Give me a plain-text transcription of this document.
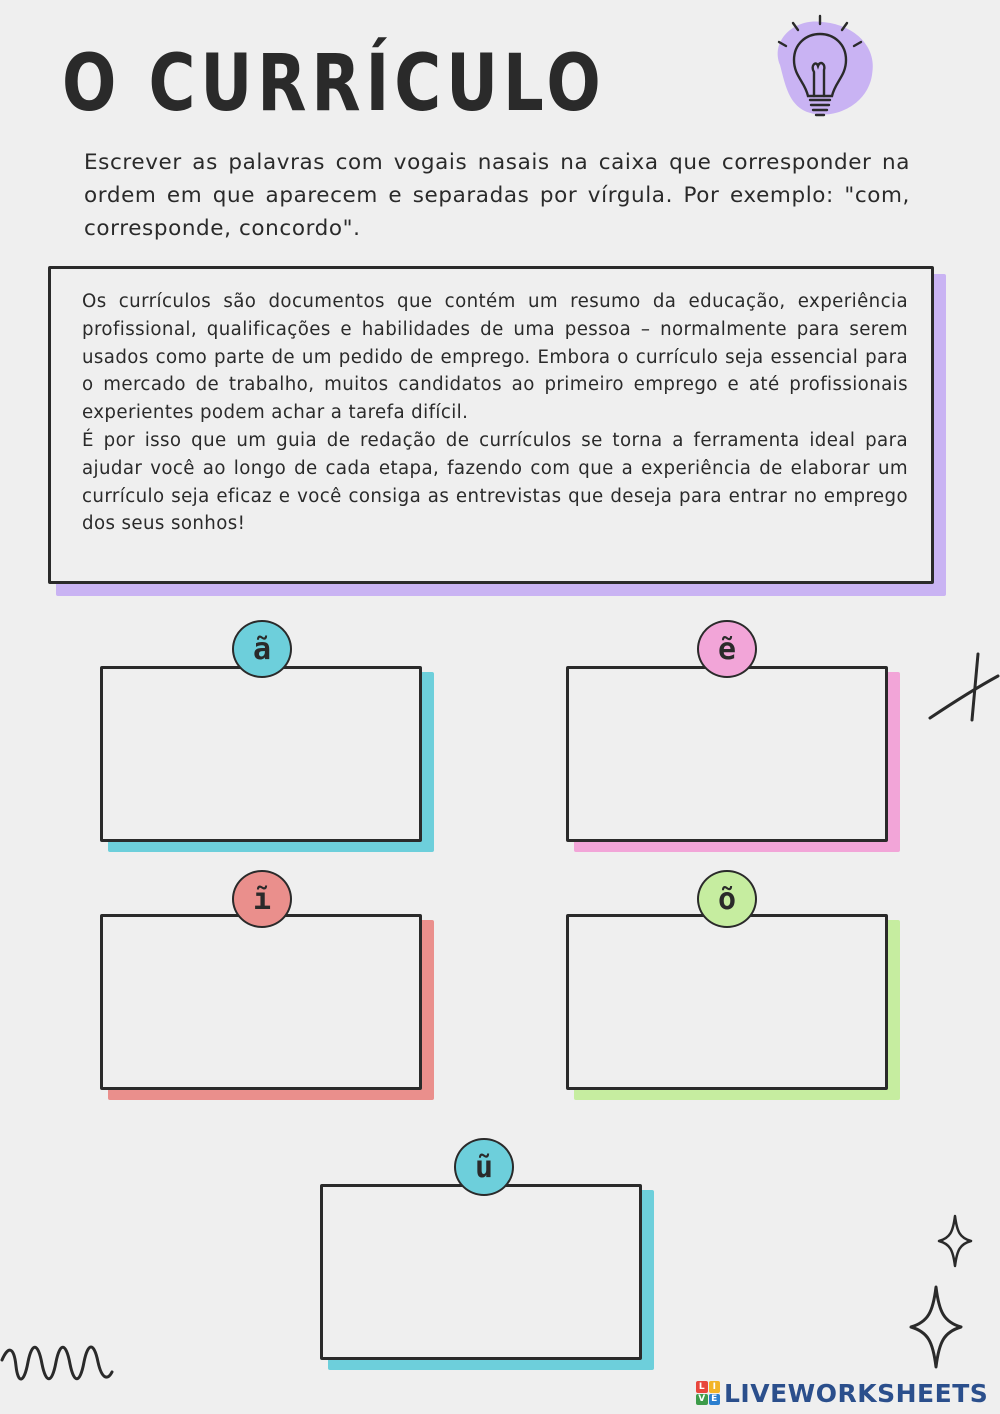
O CURRÍCULO

Escrever as palavras com vogais nasais na caixa que corresponder na ordem em que aparecem e separadas por vírgula. Por exemplo: "com, corresponde, concordo".

Os currículos são documentos que contém um resumo da educação, experiência profissional, qualificações e habilidades de uma pessoa – normalmente para serem usados como parte de um pedido de emprego. Embora o currículo seja essencial para o mercado de trabalho, muitos candidatos ao primeiro emprego e até profissionais experientes podem achar a tarefa difícil.

É por isso que um guia de redação de currículos se torna a ferramenta ideal para ajudar você ao longo de cada etapa, fazendo com que a experiência de elaborar um currículo seja eficaz e você consiga as entrevistas que deseja para entrar no emprego dos seus sonhos!

ã	ẽ
ĩ	õ
ũ
L I
V E LIVEWORKSHEETS
